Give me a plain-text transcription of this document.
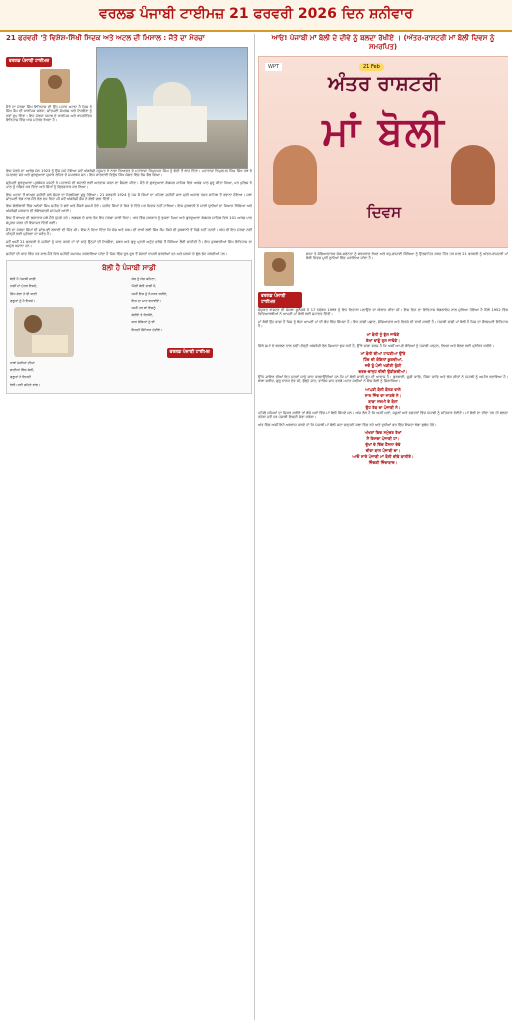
ਵਰਲਡ ਪੰਜਾਬੀ ਟਾਈਮਜ਼ 21 ਫਰਵਰੀ 2026 ਦਿਨ ਸ਼ਨੀਵਾਰ
21 ਫਰਵਰੀ 'ਤੇ ਵਿਸ਼ੇਸ਼-ਸਿੱਖੀ ਸਿਦਕ ਅਤੇ ਅਟਲ ਦੀ ਮਿਸਾਲ : ਜੈਤੋ ਦਾ ਮੋਰਚਾ
ਵਰਲਡ ਪੰਜਾਬੀ ਟਾਈਮਜ਼

ਜੈਤੋ ਦਾ ਮੋਰਚਾ ਸਿੱਖ ਇਤਿਹਾਸ ਦੀ ਉਹ ਮਹਾਨ ਘਟਨਾ ਹੈ ਜਿਸ ਨੇ ਸਿੱਖ ਕੌਮ ਦੀ ਧਾਰਮਿਕ ਸਰਧਾ, ਸ਼ਾਂਤਮਈ ਸੰਘਰਸ਼ ਅਤੇ ਨਿਰਭੈਤਾ ਨੂੰ ਨਵਾਂ ਰੂਪ ਦਿੱਤਾ। ਇਹ ਮੋਰਚਾ ਪੰਜਾਬ ਦੇ ਧਾਰਮਿਕ ਅਤੇ ਰਾਜਨੀਤਿਕ ਇਤਿਹਾਸ ਵਿੱਚ ਖਾਸ ਮਹੱਤਵ ਰੱਖਦਾ ਹੈ।

ਇਸ ਮੋਰਚੇ ਦਾ ਆਰੰਭ ਸੰਨ 1923 ਨੂੰ ਉਸ ਸਮੇਂ ਹੋਇਆ ਜਦੋਂ ਅੰਗਰੇਜ਼ੀ ਹਕੂਮਤ ਨੇ ਨਾਭਾ ਰਿਆਸਤ ਦੇ ਮਹਾਰਾਜਾ ਰਿਪੁਦਮਨ ਸਿੰਘ ਨੂੰ ਗੱਦੀ ਤੋਂ ਲਾਹ ਦਿੱਤਾ। ਮਹਾਰਾਜਾ ਰਿਪੁਦਮਨ ਸਿੰਘ ਸਿੱਖ ਪੰਥ ਦੇ ਹਮਦਰਦ ਸਨ ਅਤੇ ਗੁਰਦੁਆਰਾ ਸੁਧਾਰ ਲਹਿਰ ਦੇ ਸਮਰਥਕ ਸਨ। ਇਸ ਕਾਰਵਾਈ ਵਿਰੁੱਧ ਸਿੱਖ ਸੰਗਤ ਵਿੱਚ ਰੋਸ ਫੈਲ ਗਿਆ।

ਸ਼੍ਰੋਮਣੀ ਗੁਰਦੁਆਰਾ ਪ੍ਰਬੰਧਕ ਕਮੇਟੀ ਨੇ ਮਹਾਰਾਜੇ ਦੀ ਬਹਾਲੀ ਲਈ ਅਰਦਾਸ ਕਰਨ ਦਾ ਫੈਸਲਾ ਕੀਤਾ। ਜੈਤੋ ਦੇ ਗੁਰਦੁਆਰਾ ਗੰਗਸਰ ਸਾਹਿਬ ਵਿਖੇ ਅਖੰਡ ਪਾਠ ਸ਼ੁਰੂ ਕੀਤਾ ਗਿਆ, ਪਰ ਪੁਲਿਸ ਨੇ ਪਾਠ ਨੂੰ ਖੰਡਿਤ ਕਰ ਦਿੱਤਾ ਅਤੇ ਸਿੱਖਾਂ ਨੂੰ ਗ੍ਰਿਫ਼ਤਾਰ ਕਰ ਲਿਆ।

ਇਸ ਘਟਨਾ ਤੋਂ ਬਾਅਦ ਸ਼ਹੀਦੀ ਜਥੇ ਭੇਜਣ ਦਾ ਸਿਲਸਿਲਾ ਸ਼ੁਰੂ ਹੋਇਆ। 21 ਫਰਵਰੀ 1924 ਨੂੰ ਪੰਜ ਸੌ ਸਿੰਘਾਂ ਦਾ ਪਹਿਲਾ ਸ਼ਹੀਦੀ ਜਥਾ ਸ੍ਰੀ ਅਕਾਲ ਤਖ਼ਤ ਸਾਹਿਬ ਤੋਂ ਰਵਾਨਾ ਹੋਇਆ। ਜਥਾ ਸ਼ਾਂਤਮਈ ਢੰਗ ਨਾਲ ਜੈਤੋ ਵੱਲ ਵਧ ਰਿਹਾ ਸੀ ਜਦੋਂ ਅੰਗਰੇਜ਼ੀ ਫ਼ੌਜ ਨੇ ਗੋਲੀ ਚਲਾ ਦਿੱਤੀ।

ਇਸ ਗੋਲੀਬਾਰੀ ਵਿੱਚ ਅਨੇਕਾਂ ਸਿੰਘ ਸ਼ਹੀਦ ਹੋ ਗਏ ਅਤੇ ਸੈਂਕੜੇ ਜ਼ਖ਼ਮੀ ਹੋਏ। ਸ਼ਹੀਦ ਸਿੰਘਾਂ ਨੇ ਸਿਰ ਦੇ ਦਿੱਤੇ ਪਰ ਸਿਦਕ ਨਹੀਂ ਹਾਰਿਆ। ਇਸ ਕੁਰਬਾਨੀ ਨੇ ਸਾਰੀ ਦੁਨੀਆਂ ਦਾ ਧਿਆਨ ਖਿੱਚਿਆ ਅਤੇ ਅੰਗਰੇਜ਼ੀ ਸਰਕਾਰ ਦੀ ਬੇਇਨਸਾਫ਼ੀ ਸਾਹਮਣੇ ਆਈ।

ਇਸ ਤੋਂ ਬਾਅਦ ਵੀ ਲਗਾਤਾਰ ਜਥੇ ਜੈਤੋ ਪੁੱਜਦੇ ਰਹੇ। ਲਗਭਗ ਦੋ ਸਾਲ ਤੱਕ ਇਹ ਮੋਰਚਾ ਜਾਰੀ ਰਿਹਾ। ਅੰਤ ਵਿੱਚ ਸਰਕਾਰ ਨੂੰ ਝੁਕਣਾ ਪਿਆ ਅਤੇ ਗੁਰਦੁਆਰਾ ਗੰਗਸਰ ਸਾਹਿਬ ਵਿਖੇ 101 ਅਖੰਡ ਪਾਠ ਸੰਪੂਰਨ ਕਰਨ ਦੀ ਇਜਾਜ਼ਤ ਦਿੱਤੀ ਗਈ।

ਜੈਤੋ ਦਾ ਮੋਰਚਾ ਸਿੱਖਾਂ ਦੀ ਸ਼ਾਂਤਮਈ ਲੜਾਈ ਦੀ ਜਿੱਤ ਸੀ। ਇਸ ਨੇ ਦਿਖਾ ਦਿੱਤਾ ਕਿ ਸੱਚ ਅਤੇ ਧਰਮ ਦੀ ਰਾਖੀ ਲਈ ਸਿੱਖ ਕੌਮ ਕਿਸੇ ਵੀ ਕੁਰਬਾਨੀ ਤੋਂ ਪਿੱਛੇ ਨਹੀਂ ਹਟਦੀ। ਅੱਜ ਵੀ ਇਹ ਮੋਰਚਾ ਨਵੀਂ ਪੀੜ੍ਹੀ ਲਈ ਪ੍ਰੇਰਣਾ ਦਾ ਸਰੋਤ ਹੈ।

ਜਦੋਂ ਅਸੀਂ 21 ਫਰਵਰੀ ਦੇ ਸ਼ਹੀਦਾਂ ਨੂੰ ਯਾਦ ਕਰਦੇ ਹਾਂ ਤਾਂ ਸਾਨੂੰ ਉਨ੍ਹਾਂ ਦੀ ਨਿਰਭੈਤਾ, ਸਬਰ ਅਤੇ ਗੁਰੂ ਪ੍ਰਤੀ ਅਟੁੱਟ ਭਰੋਸੇ ਤੋਂ ਸਿੱਖਿਆ ਲੈਣੀ ਚਾਹੀਦੀ ਹੈ। ਇਹ ਕੁਰਬਾਨੀਆਂ ਸਿੱਖ ਇਤਿਹਾਸ ਦਾ ਅਮੁੱਲ ਖਜ਼ਾਨਾ ਹਨ।

ਸ਼ਹੀਦਾਂ ਦੀ ਯਾਦ ਵਿੱਚ ਹਰ ਸਾਲ ਜੈਤੋ ਵਿਖੇ ਸ਼ਹੀਦੀ ਸਮਾਗਮ ਕਰਵਾਇਆ ਜਾਂਦਾ ਹੈ ਜਿਸ ਵਿੱਚ ਦੂਰ-ਦੂਰ ਤੋਂ ਸੰਗਤਾਂ ਹਾਜ਼ਰੀ ਭਰਦੀਆਂ ਹਨ ਅਤੇ ਸ਼ਰਧਾ ਦੇ ਫੁੱਲ ਭੇਟ ਕਰਦੀਆਂ ਹਨ।

ਬੋਲੀ ਹੈ ਪੰਜਾਬੀ ਸਾਡੀ

ਬੋਲੀ ਹੈ ਪੰਜਾਬੀ ਸਾਡੀ

ਅਸੀਂ ਹਾਂ ਪੁੱਤਰ ਇਸਦੇ,

ਸਿੱਖ ਗੋਰਾ ਨੇ ਵੀ ਬਾਣੀ

ਗੁਰੂਆਂ ਨੂੰ ਹੈ ਇਸਦੇ।

ਨਾਥਾਂ ਜੋਗੀਆਂ ਦੀਆਂ

ਬਾਣੀਆਂ ਵਿੱਚ ਬੋਲੀ,

ਗੁਰੂਆਂ ਨੇ ਇਸਦੀ

ਝੋਲੀ ਪਾਈ ਗਹਿਣੇ ਵਾਂਗ।

ਸੱਚ ਨੂੰ ਸੱਚ ਕਹਿਣਾ,

ਮਿੱਠੀ ਬੋਲੀ ਸਾਡੀ ਹੈ,

ਅਸੀਂ ਇਸ ਨੂੰ ਪਿਆਰ ਕਰੀਏ,

ਇਸ ਦਾ ਮਾਣ ਵਧਾਈਏ।

ਅਸੀਂ ਹਰ ਥਾਂ ਇਸਨੂੰ

ਬੋਲੀਏ ਤੇ ਲਿਖੀਏ,

ਬਾਲ ਬੱਚਿਆਂ ਨੂੰ ਵੀ

ਇਸਦੀ ਸਿੱਖਿਆ ਦੇਈਏ।

ਵਰਲਡ ਪੰਜਾਬੀ ਟਾਈਮਜ਼
ਆਓ! ਪੰਜਾਬੀ ਮਾਂ ਬੋਲੀ ਦੇ ਦੀਵੇ ਨੂੰ ਬਲਦਾ ਰੱਖੀਏ । (ਅੰਤਰ-ਰਾਸ਼ਟਰੀ ਮਾਂ ਬੋਲੀ ਦਿਵਸ ਨੂੰ ਸਮਰਪਿਤ)
WPT	21 Feb
ਅੰਤਰ ਰਾਸ਼ਟਰੀ
ਮਾਂ ਬੋਲੀ
ਦਿਵਸ
ਵਰਲਡ ਪੰਜਾਬੀ ਟਾਈਮਜ਼

ਭਾਸ਼ਾ ਤੇ ਸੱਭਿਆਚਾਰਕ ਚੰਗ-ਸਵੰਨਤਾ ਨੂੰ ਬਰਕਰਾਰ ਰੱਖਣ ਅਤੇ ਬਹੁ-ਭਾਸ਼ਾਈ ਸਿੱਖਿਆ ਨੂੰ ਉਤਸ਼ਾਹਿਤ ਕਰਨ ਹਿੱਤ ਹਰ ਸਾਲ 21 ਫਰਵਰੀ ਨੂੰ ਅੰਤਰ-ਰਾਸ਼ਟਰੀ ਮਾਂ ਬੋਲੀ ਦਿਵਸ ਪੂਰੀ ਦੁਨੀਆਂ ਵਿੱਚ ਮਨਾਇਆ ਜਾਂਦਾ ਹੈ।

ਸੰਯੁਕਤ ਰਾਸ਼ਟਰ ਦੀ ਸੰਸਥਾ ਯੂਨੈਸਕੋ ਨੇ 17 ਨਵੰਬਰ 1999 ਨੂੰ ਇਹ ਦਿਹਾੜਾ ਮਨਾਉਣ ਦਾ ਐਲਾਨ ਕੀਤਾ ਸੀ। ਇਸ ਦਿਨ ਦਾ ਇਤਿਹਾਸ ਬੰਗਲਾਦੇਸ਼ ਨਾਲ ਜੁੜਿਆ ਹੋਇਆ ਹੈ ਜਿੱਥੇ 1952 ਵਿੱਚ ਵਿਦਿਆਰਥੀਆਂ ਨੇ ਆਪਣੀ ਮਾਂ ਬੋਲੀ ਲਈ ਸ਼ਹਾਦਤ ਦਿੱਤੀ।

ਮਾਂ ਬੋਲੀ ਉਹ ਭਾਸ਼ਾ ਹੈ ਜਿਸ ਨੂੰ ਬੱਚਾ ਆਪਣੀ ਮਾਂ ਦੀ ਗੋਦ ਵਿੱਚ ਸਿੱਖਦਾ ਹੈ। ਇਹ ਸਾਡੀ ਪਛਾਣ, ਸੱਭਿਆਚਾਰ ਅਤੇ ਵਿਰਸੇ ਦੀ ਰਾਖੀ ਕਰਦੀ ਹੈ। ਪੰਜਾਬੀ ਸਾਡੀ ਮਾਂ ਬੋਲੀ ਹੈ ਜਿਸ ਦਾ ਗੌਰਵਮਈ ਇਤਿਹਾਸ ਹੈ।

ਮਾਂ ਬੋਲੀ ਨੂੰ ਭੁੱਲ ਜਾਵੋਗੇ

ਕੱਖਾਂ ਵਾਂਗੂੰ ਰੁਲ ਜਾਵੋਗੇ।

ਜਿੱਥੇ ਸਮਾਂ ਦੇ ਬਦਲਣ ਨਾਲ ਨਵੀਂ ਪੀੜ੍ਹੀ ਅੰਗਰੇਜ਼ੀ ਵੱਲ ਜ਼ਿਆਦਾ ਝੁਕ ਰਹੀ ਹੈ, ਉੱਥੇ ਸਾਡਾ ਫਰਜ਼ ਹੈ ਕਿ ਅਸੀਂ ਆਪਣੇ ਬੱਚਿਆਂ ਨੂੰ ਪੰਜਾਬੀ ਪੜ੍ਹਨ, ਲਿਖਣ ਅਤੇ ਬੋਲਣ ਲਈ ਪ੍ਰੇਰਿਤ ਕਰੀਏ।

ਮਾਂ ਬੋਲੀ ਦੀਆਂ ਟਾਹਣੀਆਂ ਉੱਤੇ

ਹਿੰਦ ਦੀ ਕੋਇਲਾਂ ਕੂਕਦੀਆਂ,

ਜਦੋਂ ਤੂੰ ਪੰਜੀ ਖਣੀਰੀ ਤੁੰਗੀ

ਦਰਦ-ਚਾਨ੍ਹ ਦੀਦੀ ਉਡੀਕਦੀਆਂ।

ਉੱਘੇ ਸ਼ਾਇਰ ਦੀਆਂ ਇਹ ਸਤਰਾਂ ਸਾਨੂੰ ਯਾਦ ਕਰਵਾਉਂਦੀਆਂ ਹਨ ਕਿ ਮਾਂ ਬੋਲੀ ਸਾਡੀ ਰੂਹ ਦੀ ਆਵਾਜ਼ ਹੈ। ਗੁਰਬਾਣੀ, ਸੂਫ਼ੀ ਕਾਵਿ, ਕਿੱਸਾ ਕਾਵਿ ਅਤੇ ਲੋਕ ਗੀਤਾਂ ਨੇ ਪੰਜਾਬੀ ਨੂੰ ਅਮੀਰ ਬਣਾਇਆ ਹੈ। ਬਾਬਾ ਫ਼ਰੀਦ, ਗੁਰੂ ਨਾਨਕ ਦੇਵ ਜੀ, ਬੁੱਲ੍ਹੇ ਸ਼ਾਹ, ਵਾਰਿਸ ਸ਼ਾਹ ਵਰਗੇ ਮਹਾਨ ਕਵੀਆਂ ਨੇ ਇਸ ਬੋਲੀ ਨੂੰ ਸ਼ਿੰਗਾਰਿਆ।

ਆਪਣੀ ਬੋਲੀ ਬੋਲਣ ਵਾਲੇ

ਸਾਰ ਜਿੰਦ ਦਾ ਜਾਣਦੇ ਨੇ।

ਬਾਬਾ ਨਜ਼ਮੀ ਦੇ ਬੋਲਾਂ

ਉਹ ਰੱਬ ਦਾ ਪੰਜਾਬੀ ਨੇ।

ਪਹਿਲੇ ਸਮਿਆਂ ਦਾ ਜ਼ਿਕਰ ਕਰੀਏ ਤਾਂ ਬੱਚੇ ਘਰਾਂ ਵਿੱਚ ਮਾਂ ਬੋਲੀ ਸਿੱਖਦੇ ਸਨ। ਅੱਜ ਲੋੜ ਹੈ ਕਿ ਅਸੀਂ ਘਰਾਂ, ਸਕੂਲਾਂ ਅਤੇ ਦਫ਼ਤਰਾਂ ਵਿੱਚ ਪੰਜਾਬੀ ਨੂੰ ਸਤਿਕਾਰ ਦੇਈਏ। ਮਾਂ ਬੋਲੀ ਦਾ ਦੀਵਾ ਤਦ ਹੀ ਬਲਦਾ ਰਹੇਗਾ ਜਦੋਂ ਹਰ ਪੰਜਾਬੀ ਇਸਦੀ ਸੇਵਾ ਕਰੇਗਾ।

ਅੰਤ ਵਿੱਚ ਅਸੀਂ ਇਹੋ ਅਰਦਾਸ ਕਰਦੇ ਹਾਂ ਕਿ ਪੰਜਾਬੀ ਮਾਂ ਬੋਲੀ ਸਦਾ ਚੜ੍ਹਦੀ ਕਲਾ ਵਿੱਚ ਰਹੇ ਅਤੇ ਦੁਨੀਆਂ ਭਰ ਵਿੱਚ ਇਸਦਾ ਝੰਡਾ ਬੁਲੰਦ ਹੋਵੇ।

ਅੱਖਰਾਂ ਵਿਚ ਸਮੁੰਦਰ ਰੱਖਾਂ

ਮੈਂ ਇਸਦਾ ਪੰਜਾਬੀ ਹਾਂ।

ਦੁੱਖਾਂ ਦੇ ਵਿੱਚ ਹੌਂਸਲਾ ਦੇਵੇ

ਦੀਵਾ ਬਾਲ ਪੰਜਾਬੀ ਦਾ।

ਆਓ ਸਾਰੇ ਪੰਜਾਬੀ ਮਾਂ ਬੋਲੀ ਦੀਵੇ ਬਾਲੀਏ।

ਜ਼ਿੰਦਗੀ ਜ਼ਿੰਦਾਬਾਦ।
